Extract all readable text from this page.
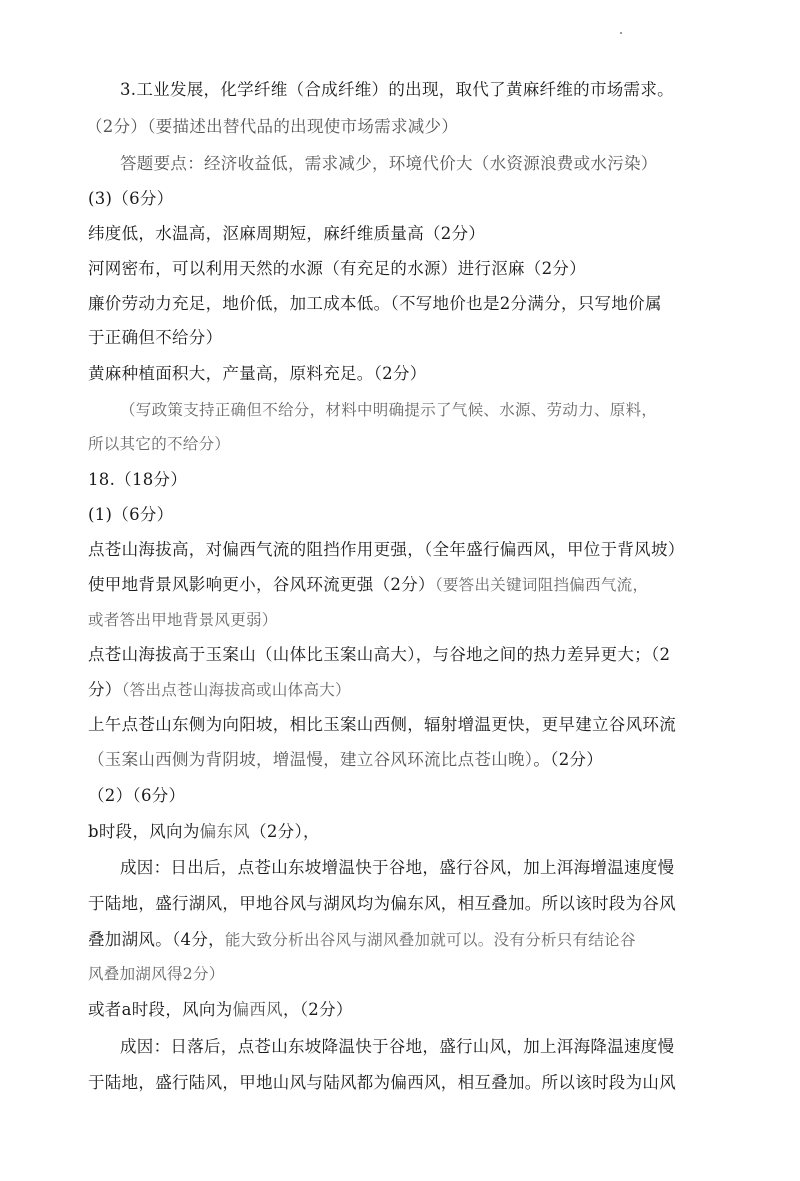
3.工业发展，化学纤维（合成纤维）的出现，取代了黄麻纤维的市场需求。
（2分）（要描述出替代品的出现使市场需求减少）
答题要点：经济收益低，需求减少，环境代价大（水资源浪费或水污染）
(3)（6分）
纬度低，水温高，沤麻周期短，麻纤维质量高（2分）
河网密布，可以利用天然的水源（有充足的水源）进行沤麻（2分）
廉价劳动力充足，地价低，加工成本低。（不写地价也是2分满分，只写地价属
于正确但不给分）
黄麻种植面积大，产量高，原料充足。（2分）
（写政策支持正确但不给分，材料中明确提示了气候、水源、劳动力、原料，
所以其它的不给分）
18.（18分）
(1)（6分）
点苍山海拔高，对偏西气流的阻挡作用更强，（全年盛行偏西风，甲位于背风坡）
使甲地背景风影响更小，谷风环流更强（2分）（要答出关键词阻挡偏西气流，
或者答出甲地背景风更弱）
点苍山海拔高于玉案山（山体比玉案山高大），与谷地之间的热力差异更大；（2
分）（答出点苍山海拔高或山体高大）
上午点苍山东侧为向阳坡，相比玉案山西侧，辐射增温更快，更早建立谷风环流
（玉案山西侧为背阴坡，增温慢，建立谷风环流比点苍山晚）。（2分）
（2）（6分）
b时段，风向为偏东风（2分），
成因：日出后，点苍山东坡增温快于谷地，盛行谷风，加上洱海增温速度慢
于陆地，盛行湖风，甲地谷风与湖风均为偏东风，相互叠加。所以该时段为谷风
叠加湖风。（4分，能大致分析出谷风与湖风叠加就可以。没有分析只有结论谷
风叠加湖风得2分）
或者a时段，风向为偏西风，（2分）
成因：日落后，点苍山东坡降温快于谷地，盛行山风，加上洱海降温速度慢
于陆地，盛行陆风，甲地山风与陆风都为偏西风，相互叠加。所以该时段为山风
